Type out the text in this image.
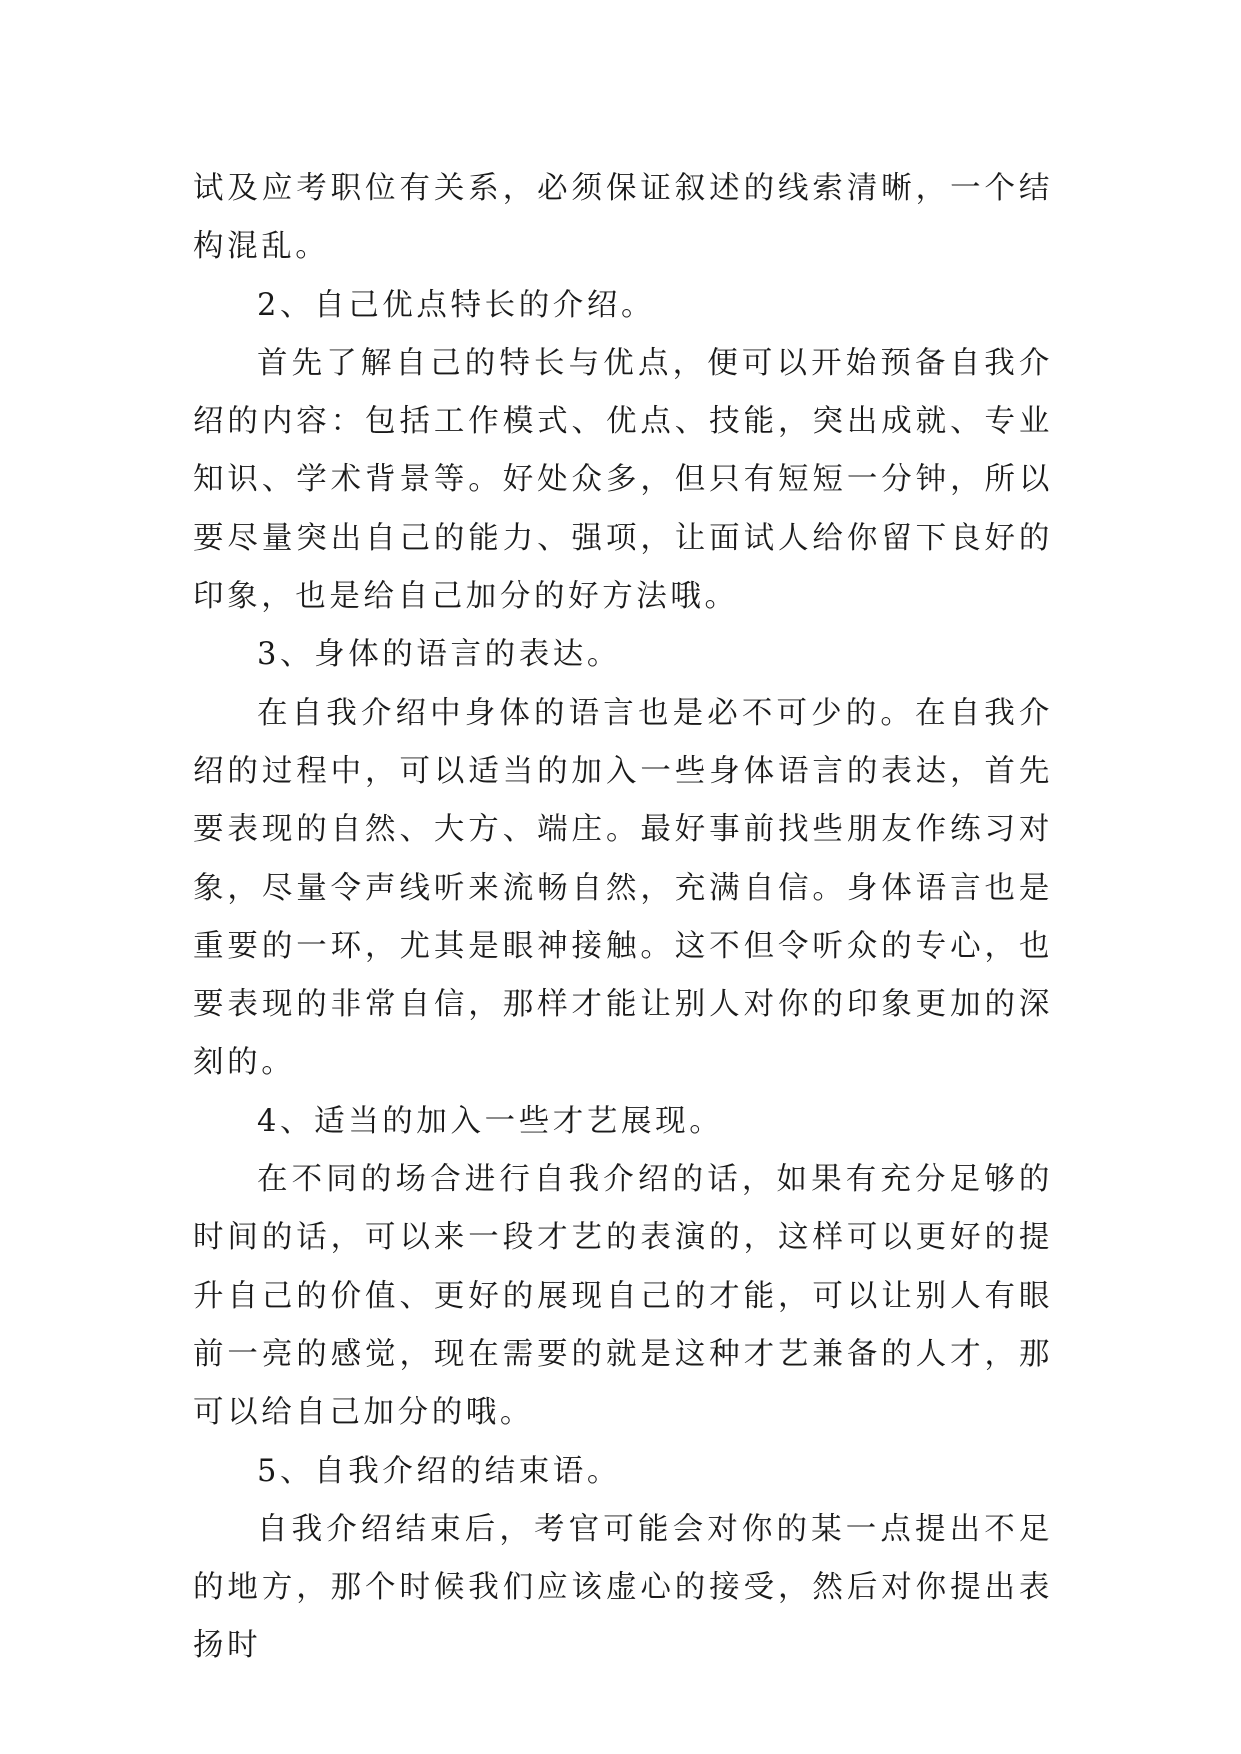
试及应考职位有关系，必须保证叙述的线索清晰，一个结构混乱。

2、自己优点特长的介绍。

首先了解自己的特长与优点，便可以开始预备自我介绍的内容：包括工作模式、优点、技能，突出成就、专业知识、学术背景等。好处众多，但只有短短一分钟，所以要尽量突出自己的能力、强项，让面试人给你留下良好的印象，也是给自己加分的好方法哦。

3、身体的语言的表达。

在自我介绍中身体的语言也是必不可少的。在自我介绍的过程中，可以适当的加入一些身体语言的表达，首先要表现的自然、大方、端庄。最好事前找些朋友作练习对象，尽量令声线听来流畅自然，充满自信。身体语言也是重要的一环，尤其是眼神接触。这不但令听众的专心，也要表现的非常自信，那样才能让别人对你的印象更加的深刻的。

4、适当的加入一些才艺展现。

在不同的场合进行自我介绍的话，如果有充分足够的时间的话，可以来一段才艺的表演的，这样可以更好的提升自己的价值、更好的展现自己的才能，可以让别人有眼前一亮的感觉，现在需要的就是这种才艺兼备的人才，那可以给自己加分的哦。

5、自我介绍的结束语。

自我介绍结束后，考官可能会对你的某一点提出不足的地方，那个时候我们应该虚心的接受，然后对你提出表扬时
